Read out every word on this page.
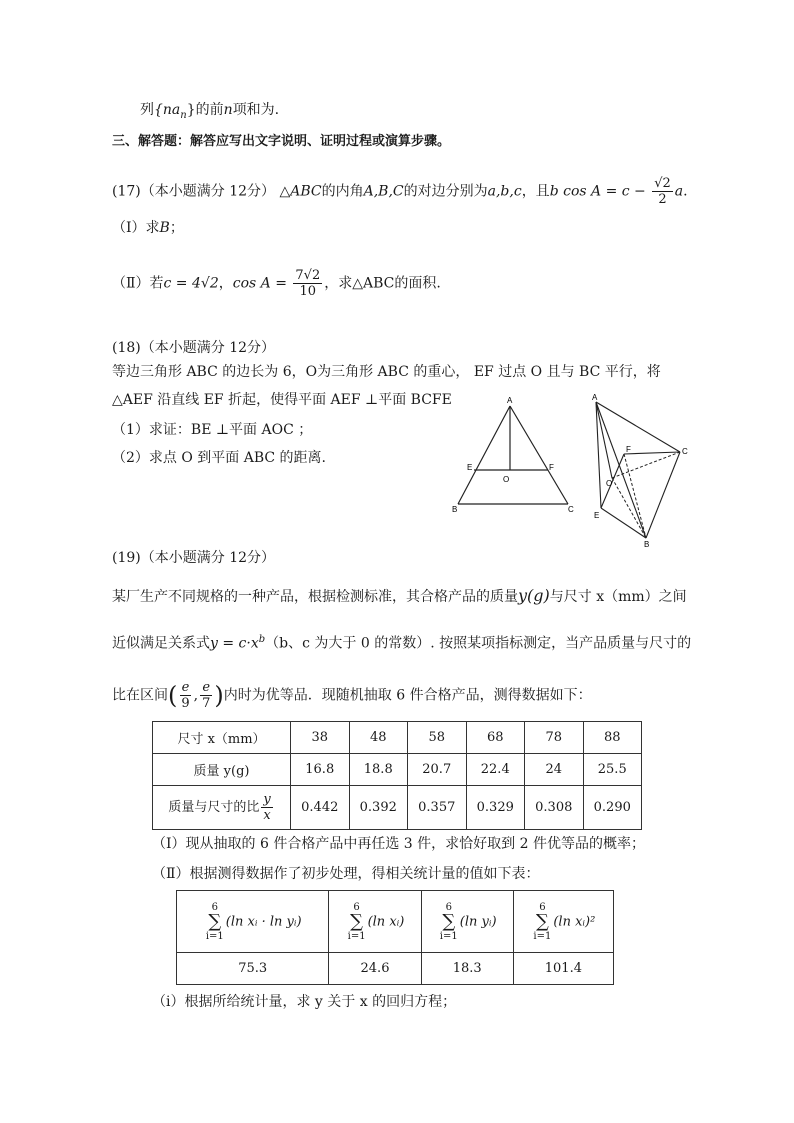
列$\{na_n\}$的前n项和为.
三、解答题：解答应写出文字说明、证明过程或演算步骤。
(17)（本小题满分 12分） △ABC的内角A,B,C的对边分别为a,b,c，且b $\cos A = c - \frac{√2}{2} a$.
（Ⅰ）求B；
（Ⅱ）若c = 4√2，$\cos A = \frac{7√2}{10}$ ，求△ABC的面积.
(18)（本小题满分 12分）
等边三角形 ABC 的边长为 6，O为三角形 ABC 的重心， EF 过点 O 且与 BC 平行，将
△AEF 沿直线 EF 折起，使得平面 AEF ⊥平面 BCFE
（1）求证：BE ⊥平面 AOC ；
（2）求点 O 到平面 ABC 的距离.
A
B	C
E	F
O
A
B
C
E
F
O
(19)（本小题满分 12分）
某厂生产不同规格的一种产品，根据检测标准，其合格产品的质量y(g)与尺寸 x（mm）之间
近似满足关系式$y = c\cdot x^b(b$、c 为大于 0 的常数）. 按照某项指标测定，当产品质量与尺寸的
比在区间( $\frac{e}{9}$ , $\frac{e}{7}$ )内时为优等品．现随机抽取 6 件合格产品，测得数据如下：
尺寸 x（mm）	38	48	58	68	78	88
质量 y(g)	16.8	18.8	20.7	22.4	24	25.5
质量与尺寸的比 $\frac{y}{x}$	0.442	0.392	0.357	0.329	0.308	0.290
（Ⅰ）现从抽取的 6 件合格产品中再任选 3 件，求恰好取到 2 件优等品的概率；
（Ⅱ）根据测得数据作了初步处理，得相关统计量的值如下表：
6
∑
i=1
(ln xᵢ · ln yᵢ)	6
∑
i=1
(ln xᵢ)	6
∑
i=1
(ln yᵢ)	6
∑
i=1
(ln xᵢ)²
75.3	24.6	18.3	101.4
（ⅰ）根据所给统计量，求 y 关于 x 的回归方程；
